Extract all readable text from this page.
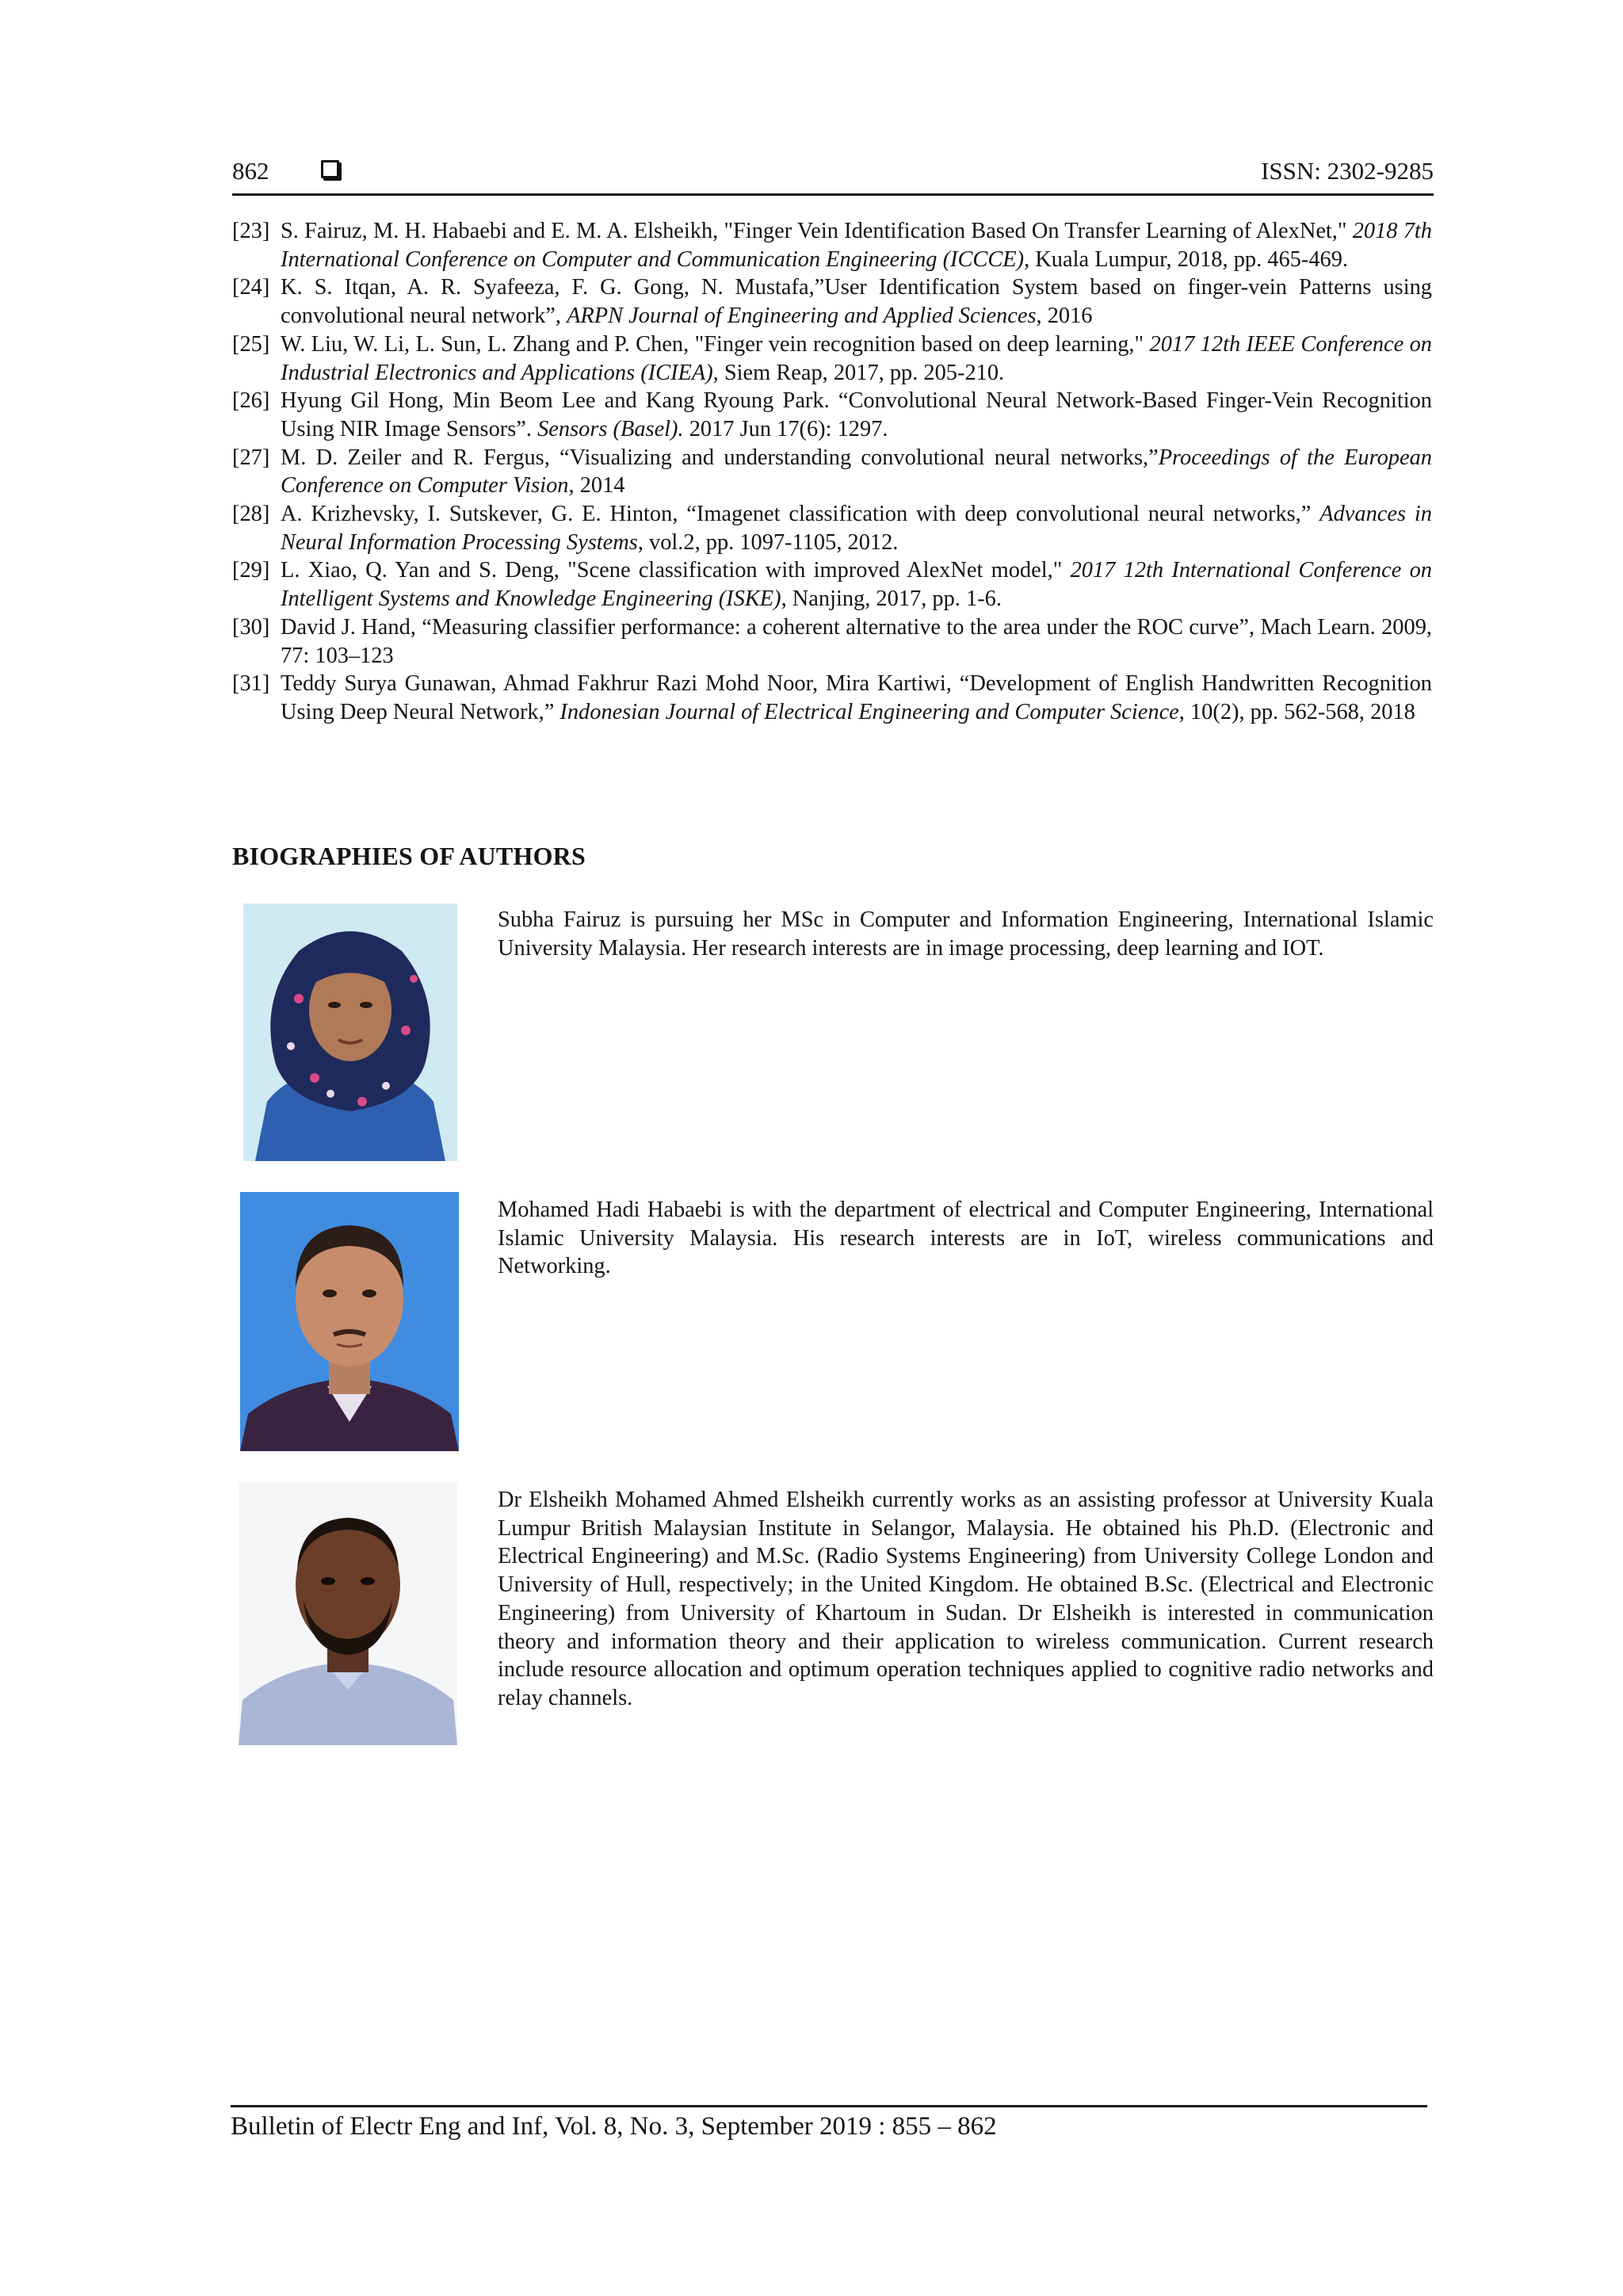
862	ISSN: 2302-9285
[23] S. Fairuz, M. H. Habaebi and E. M. A. Elsheikh, "Finger Vein Identification Based On Transfer Learning of AlexNet," 2018 7th International Conference on Computer and Communication Engineering (ICCCE), Kuala Lumpur, 2018, pp. 465-469.
[24] K. S. Itqan, A. R. Syafeeza, F. G. Gong, N. Mustafa,”User Identification System based on finger-vein Patterns using convolutional neural network”, ARPN Journal of Engineering and Applied Sciences, 2016
[25] W. Liu, W. Li, L. Sun, L. Zhang and P. Chen, "Finger vein recognition based on deep learning," 2017 12th IEEE Conference on Industrial Electronics and Applications (ICIEA), Siem Reap, 2017, pp. 205-210.
[26] Hyung Gil Hong, Min Beom Lee and Kang Ryoung Park. “Convolutional Neural Network-Based Finger-Vein Recognition Using NIR Image Sensors”. Sensors (Basel). 2017 Jun 17(6): 1297.
[27] M. D. Zeiler and R. Fergus, “Visualizing and understanding convolutional neural networks,”Proceedings of the European Conference on Computer Vision, 2014
[28] A. Krizhevsky, I. Sutskever, G. E. Hinton, “Imagenet classification with deep convolutional neural networks,” Advances in Neural Information Processing Systems, vol.2, pp. 1097-1105, 2012.
[29] L. Xiao, Q. Yan and S. Deng, "Scene classification with improved AlexNet model," 2017 12th International Conference on Intelligent Systems and Knowledge Engineering (ISKE), Nanjing, 2017, pp. 1-6.
[30] David J. Hand, “Measuring classifier performance: a coherent alternative to the area under the ROC curve”, Mach Learn. 2009, 77: 103–123
[31] Teddy Surya Gunawan, Ahmad Fakhrur Razi Mohd Noor, Mira Kartiwi, “Development of English Handwritten Recognition Using Deep Neural Network,” Indonesian Journal of Electrical Engineering and Computer Science, 10(2), pp. 562-568, 2018
BIOGRAPHIES OF AUTHORS
Subha Fairuz is pursuing her MSc in Computer and Information Engineering, International Islamic University Malaysia. Her research interests are in image processing, deep learning and IOT.
Mohamed Hadi Habaebi is with the department of electrical and Computer Engineering, International Islamic University Malaysia. His research interests are in IoT, wireless communications and Networking.
Dr Elsheikh Mohamed Ahmed Elsheikh currently works as an assisting professor at University Kuala Lumpur British Malaysian Institute in Selangor, Malaysia. He obtained his Ph.D. (Electronic and Electrical Engineering) and M.Sc. (Radio Systems Engineering) from University College London and University of Hull, respectively; in the United Kingdom. He obtained B.Sc. (Electrical and Electronic Engineering) from University of Khartoum in Sudan. Dr Elsheikh is interested in communication theory and information theory and their application to wireless communication. Current research include resource allocation and optimum operation techniques applied to cognitive radio networks and relay channels.
Bulletin of Electr Eng and Inf, Vol. 8, No. 3, September 2019 : 855 – 862
